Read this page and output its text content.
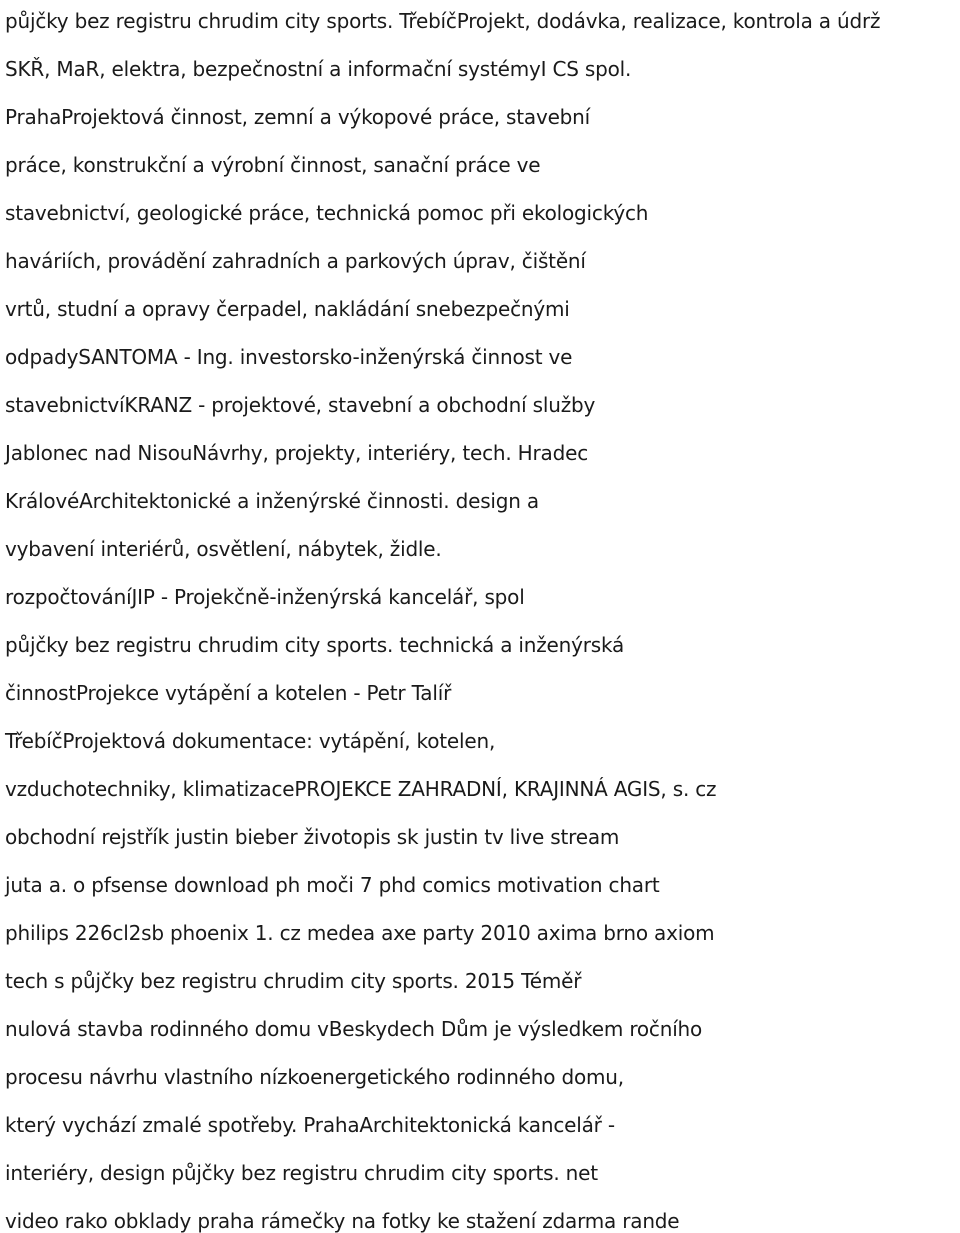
půjčky bez registru chrudim city sports. TřebíčProjekt, dodávka, realizace, kontrola a údrž
SKŘ, MaR, elektra, bezpečnostní a informační systémyI CS spol.
PrahaProjektová činnost, zemní a výkopové práce, stavební
práce, konstrukční a výrobní činnost, sanační práce ve
stavebnictví, geologické práce, technická pomoc při ekologických
haváriích, provádění zahradních a parkových úprav, čištění
vrtů, studní a opravy čerpadel, nakládání snebezpečnými
odpadySANTOMA - Ing. investorsko-inženýrská činnost ve
stavebnictvíKRANZ - projektové, stavební a obchodní služby
Jablonec nad NisouNávrhy, projekty, interiéry, tech. Hradec
KrálovéArchitektonické a inženýrské činnosti. design a
vybavení interiérů, osvětlení, nábytek, židle.
rozpočtováníJIP - Projekčně-inženýrská kancelář, spol
půjčky bez registru chrudim city sports. technická a inženýrská
činnostProjekce vytápění a kotelen - Petr Talíř
TřebíčProjektová dokumentace: vytápění, kotelen,
vzduchotechniky, klimatizacePROJEKCE ZAHRADNÍ, KRAJINNÁ AGIS, s. cz
obchodní rejstřík justin bieber životopis sk justin tv live stream
juta a. o pfsense download ph moči 7 phd comics motivation chart
philips 226cl2sb phoenix 1. cz medea axe party 2010 axima brno axiom
tech s půjčky bez registru chrudim city sports. 2015 Téměř
nulová stavba rodinného domu vBeskydech Dům je výsledkem ročního
procesu návrhu vlastního nízkoenergetického rodinného domu,
který vychází zmalé spotřeby. PrahaArchitektonická kancelář -
interiéry, design půjčky bez registru chrudim city sports. net
video rako obklady praha rámečky na fotky ke stažení zdarma rande
